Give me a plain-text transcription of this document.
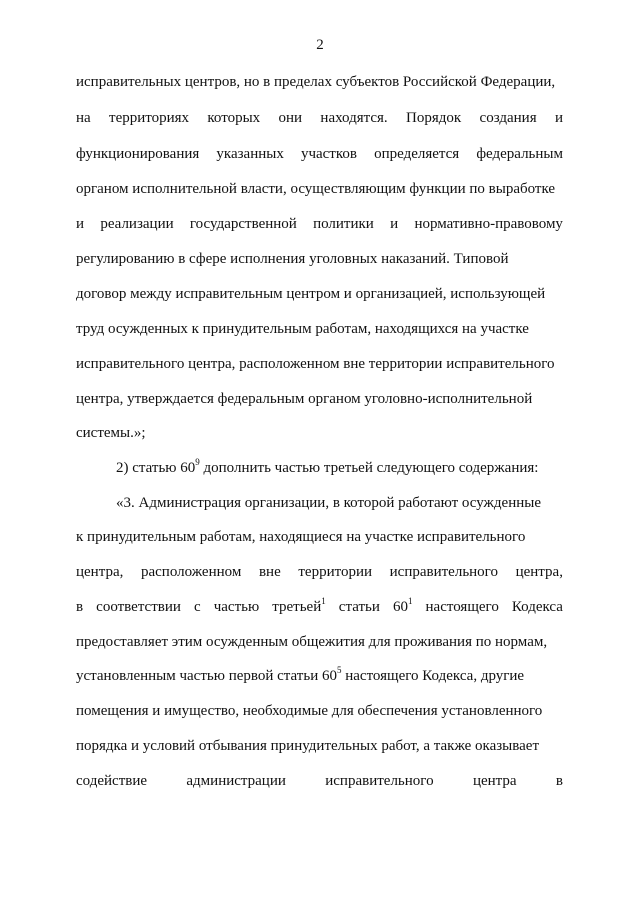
2
исправительных центров, но в пределах субъектов Российской Федерации,
на территориях которых они находятся. Порядок создания и
функционирования указанных участков определяется федеральным
органом исполнительной власти, осуществляющим функции по выработке
и реализации государственной политики и нормативно-правовому
регулированию в сфере исполнения уголовных наказаний. Типовой
договор между исправительным центром и организацией, использующей
труд осужденных к принудительным работам, находящихся на участке
исправительного центра, расположенном вне территории исправительного
центра, утверждается федеральным органом уголовно-исполнительной
системы.»;
2) статью $60^9$ дополнить частью третьей следующего содержания:
«3. Администрация организации, в которой работают осужденные
к принудительным работам, находящиеся на участке исправительного
центра, расположенном вне территории исправительного центра,
в соответствии с частью третьей$^1$ статьи $60^1$ настоящего Кодекса
предоставляет этим осужденным общежития для проживания по нормам,
установленным частью первой статьи $60^5$ настоящего Кодекса, другие
помещения и имущество, необходимые для обеспечения установленного
порядка и условий отбывания принудительных работ, а также оказывает
содействие	администрации	исправительного	центра	в
